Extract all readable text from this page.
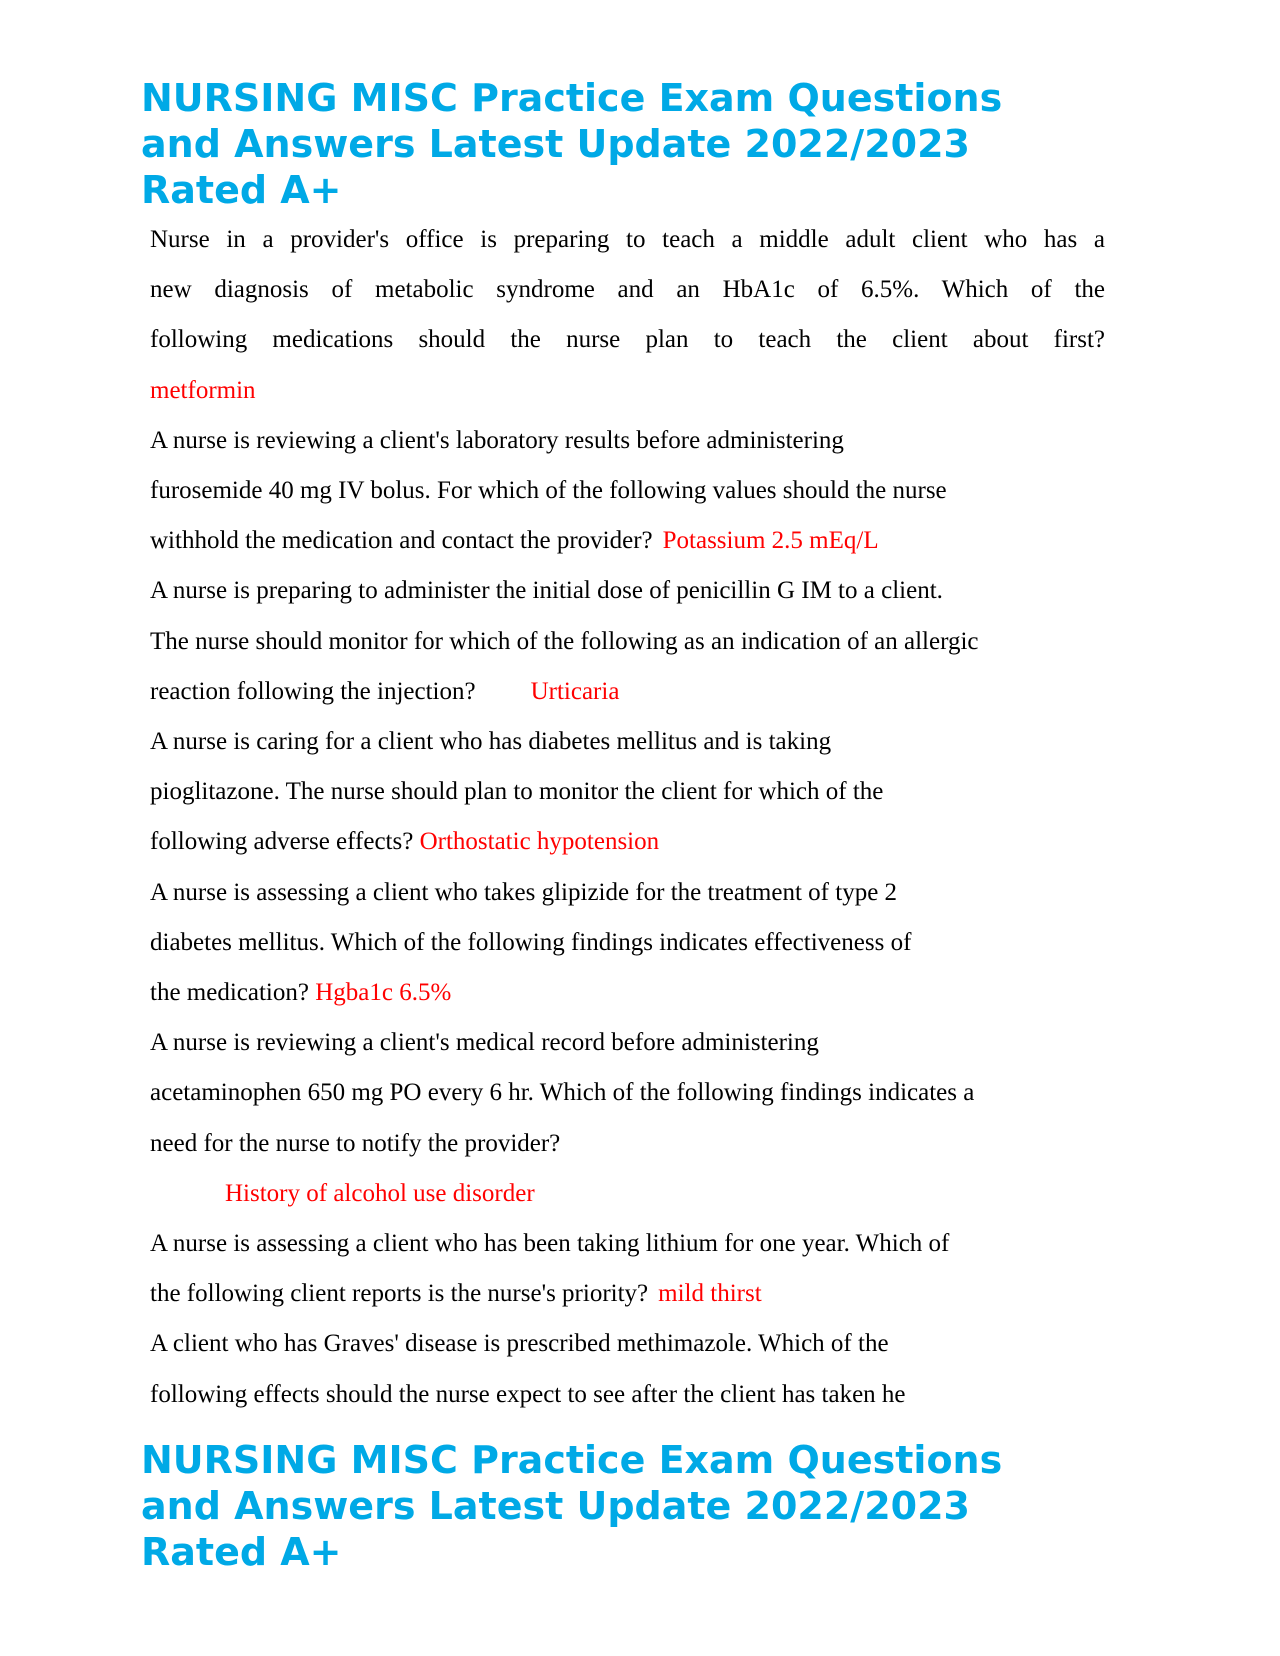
NURSING MISC Practice Exam Questions
and Answers Latest Update 2022/2023
Rated A+

Nurse in a provider's office is preparing to teach a middle adult client who has a

new diagnosis of metabolic syndrome and an HbA1c of 6.5%. Which of the

following medications should the nurse plan to teach the client about first?

metformin

A nurse is reviewing a client's laboratory results before administering

furosemide 40 mg IV bolus. For which of the following values should the nurse

withhold the medication and contact the provider? Potassium 2.5 mEq/L

A nurse is preparing to administer the initial dose of penicillin G IM to a client.

The nurse should monitor for which of the following as an indication of an allergic

reaction following the injection? Urticaria

A nurse is caring for a client who has diabetes mellitus and is taking

pioglitazone. The nurse should plan to monitor the client for which of the

following adverse effects? Orthostatic hypotension

A nurse is assessing a client who takes glipizide for the treatment of type 2

diabetes mellitus. Which of the following findings indicates effectiveness of

the medication? Hgba1c 6.5%

A nurse is reviewing a client's medical record before administering

acetaminophen 650 mg PO every 6 hr. Which of the following findings indicates a

need for the nurse to notify the provider?

History of alcohol use disorder

A nurse is assessing a client who has been taking lithium for one year. Which of

the following client reports is the nurse's priority? mild thirst

A client who has Graves' disease is prescribed methimazole. Which of the

following effects should the nurse expect to see after the client has taken he

NURSING MISC Practice Exam Questions
and Answers Latest Update 2022/2023
Rated A+
